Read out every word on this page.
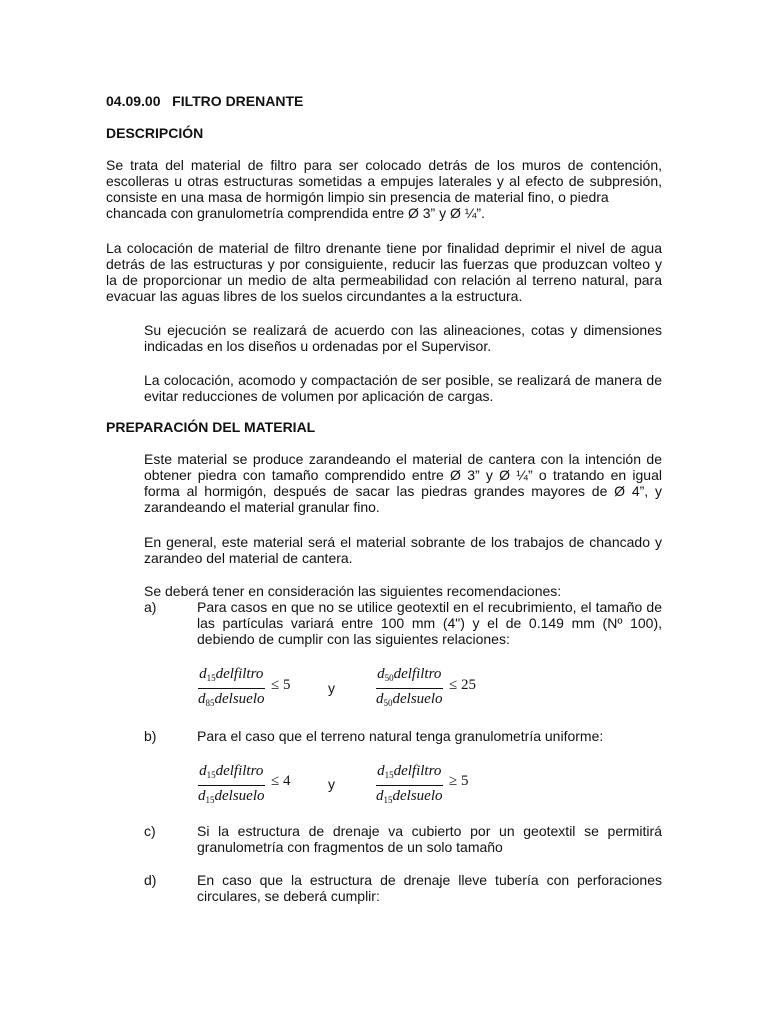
04.09.00 FILTRO DRENANTE
DESCRIPCIÓN
Se trata del material de filtro para ser colocado detrás de los muros de contención, escolleras u otras estructuras sometidas a empujes laterales y al efecto de subpresión, consiste en una masa de hormigón limpio sin presencia de material fino, o piedra
chancada con granulometría comprendida entre Ø 3” y Ø ¼”.
La colocación de material de filtro drenante tiene por finalidad deprimir el nivel de agua detrás de las estructuras y por consiguiente, reducir las fuerzas que produzcan volteo y la de proporcionar un medio de alta permeabilidad con relación al terreno natural, para evacuar las aguas libres de los suelos circundantes a la estructura.
Su ejecución se realizará de acuerdo con las alineaciones, cotas y dimensiones indicadas en los diseños u ordenadas por el Supervisor.
La colocación, acomodo y compactación de ser posible, se realizará de manera de evitar reducciones de volumen por aplicación de cargas.
PREPARACIÓN DEL MATERIAL
Este material se produce zarandeando el material de cantera con la intención de obtener piedra con tamaño comprendido entre Ø 3” y Ø ¼” o tratando en igual forma al hormigón, después de sacar las piedras grandes mayores de Ø 4”, y zarandeando el material granular fino.
En general, este material será el material sobrante de los trabajos de chancado y zarandeo del material de cantera.
Se deberá tener en consideración las siguientes recomendaciones:
a)	Para casos en que no se utilice geotextil en el recubrimiento, el tamaño de las partículas variará entre 100 mm (4") y el de 0.149 mm (Nº 100), debiendo de cumplir con las siguientes relaciones:
$d_{15}delfiltro$
$d_{85}delsuelo$
≤ 5	y
$d_{50}delfiltro$
$d_{50}delsuelo$
≤ 25
b)	Para el caso que el terreno natural tenga granulometría uniforme:
$d_{15}delfiltro$
$d_{15}delsuelo$
≤ 4	y
$d_{15}delfiltro$
$d_{15}delsuelo$
≥ 5
c)	Si la estructura de drenaje va cubierto por un geotextil se permitirá granulometría con fragmentos de un solo tamaño
d)	En caso que la estructura de drenaje lleve tubería con perforaciones circulares, se deberá cumplir:
